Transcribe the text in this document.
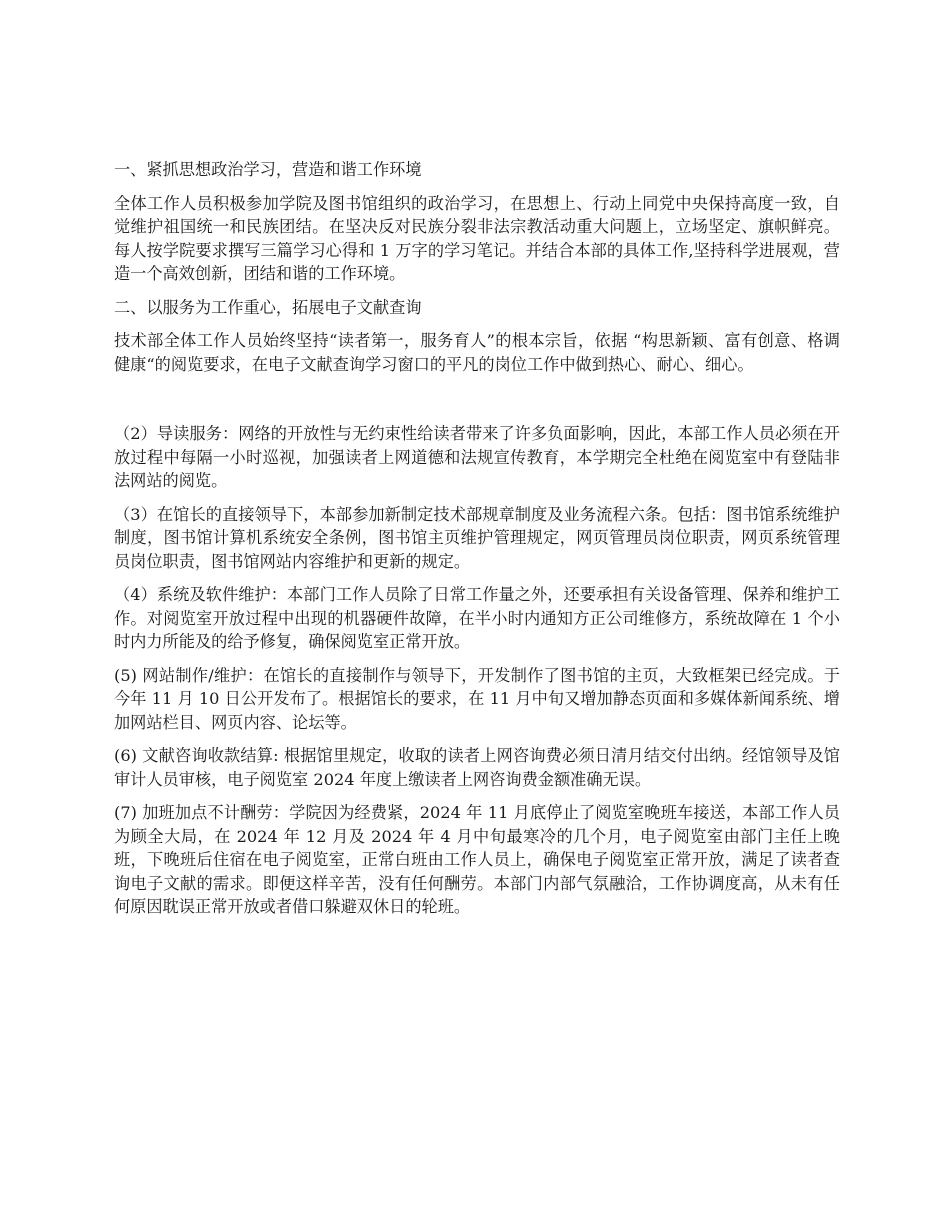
一、紧抓思想政治学习，营造和谐工作环境

全体工作人员积极参加学院及图书馆组织的政治学习，在思想上、行动上同党中央保持高度一致，自觉维护祖国统一和民族团结。在坚决反对民族分裂非法宗教活动重大问题上，立场坚定、旗帜鲜亮。每人按学院要求撰写三篇学习心得和 1 万字的学习笔记。并结合本部的具体工作,坚持科学进展观，营造一个高效创新，团结和谐的工作环境。

二、以服务为工作重心，拓展电子文献查询

技术部全体工作人员始终坚持“读者第一，服务育人”的根本宗旨，依据 “构思新颖、富有创意、格调健康“的阅览要求，在电子文献查询学习窗口的平凡的岗位工作中做到热心、耐心、细心。

（2）导读服务：网络的开放性与无约束性给读者带来了许多负面影响，因此，本部工作人员必须在开放过程中每隔一小时巡视，加强读者上网道德和法规宣传教育，本学期完全杜绝在阅览室中有登陆非法网站的阅览。

（3）在馆长的直接领导下，本部参加新制定技术部规章制度及业务流程六条。包括：图书馆系统维护制度，图书馆计算机系统安全条例，图书馆主页维护管理规定，网页管理员岗位职责，网页系统管理员岗位职责，图书馆网站内容维护和更新的规定。

（4）系统及软件维护：本部门工作人员除了日常工作量之外，还要承担有关设备管理、保养和维护工作。对阅览室开放过程中出现的机器硬件故障，在半小时内通知方正公司维修方，系统故障在 1 个小时内力所能及的给予修复，确保阅览室正常开放。

(5) 网站制作/维护：在馆长的直接制作与领导下，开发制作了图书馆的主页，大致框架已经完成。于今年 11 月 10 日公开发布了。根据馆长的要求，在 11 月中旬又增加静态页面和多媒体新闻系统、增加网站栏目、网页内容、论坛等。

(6) 文献咨询收款结算: 根据馆里规定，收取的读者上网咨询费必须日清月结交付出纳。经馆领导及馆审计人员审核，电子阅览室 2024 年度上缴读者上网咨询费金额准确无误。

(7) 加班加点不计酬劳：学院因为经费紧，2024 年 11 月底停止了阅览室晚班车接送，本部工作人员为顾全大局，在 2024 年 12 月及 2024 年 4 月中旬最寒冷的几个月，电子阅览室由部门主任上晚班，下晚班后住宿在电子阅览室，正常白班由工作人员上，确保电子阅览室正常开放，满足了读者查询电子文献的需求。即便这样辛苦，没有任何酬劳。本部门内部气氛融洽，工作协调度高，从未有任何原因耽误正常开放或者借口躲避双休日的轮班。
